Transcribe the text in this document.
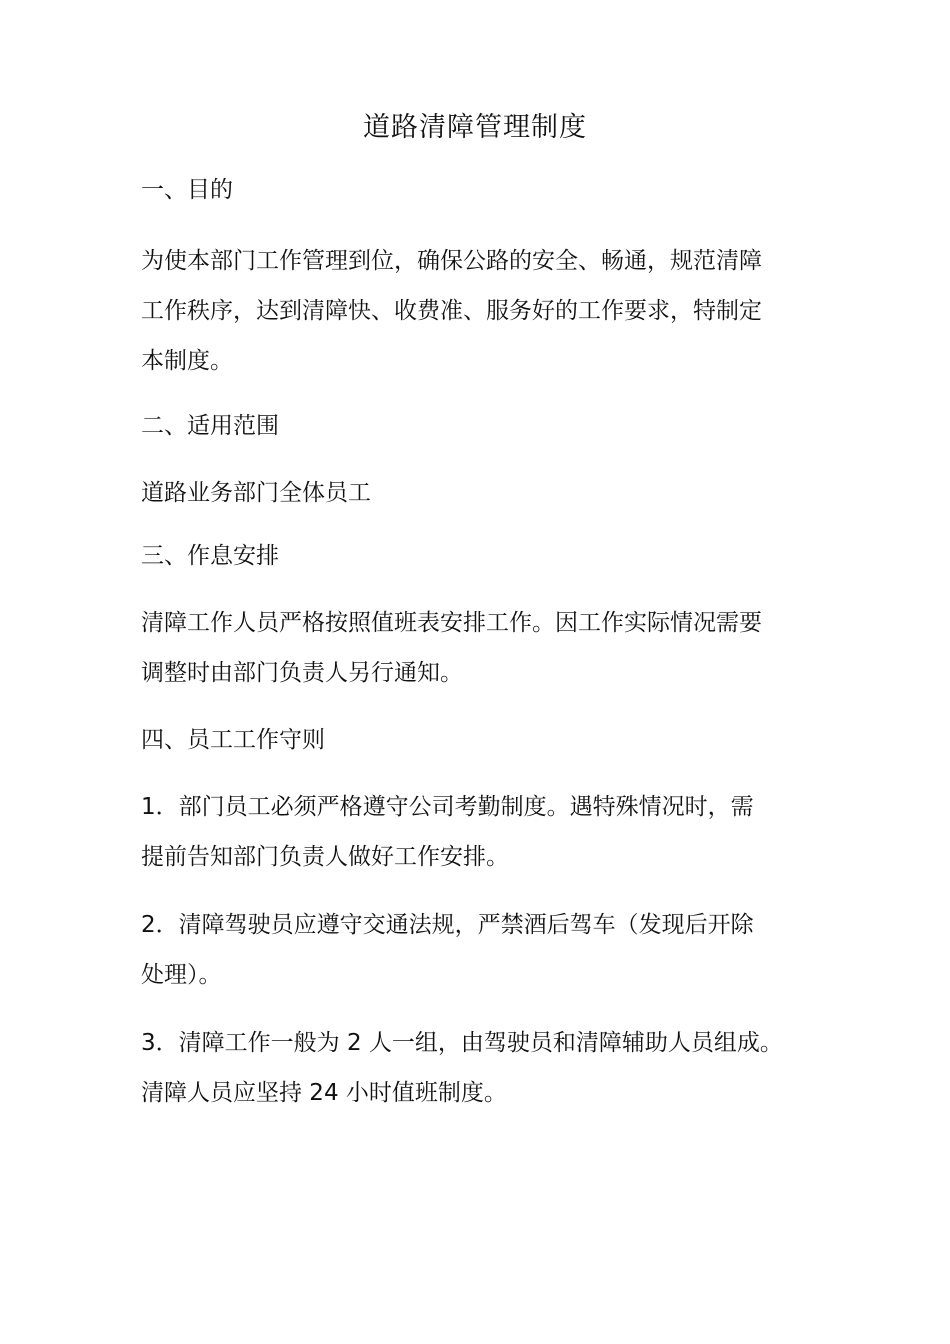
道路清障管理制度
一、目的
为使本部门工作管理到位，确保公路的安全、畅通，规范清障
工作秩序，达到清障快、收费准、服务好的工作要求，特制定
本制度。
二、适用范围
道路业务部门全体员工
三、作息安排
清障工作人员严格按照值班表安排工作。因工作实际情况需要
调整时由部门负责人另行通知。
四、员工工作守则
1．部门员工必须严格遵守公司考勤制度。遇特殊情况时，需
提前告知部门负责人做好工作安排。
2．清障驾驶员应遵守交通法规，严禁酒后驾车（发现后开除
处理）。
3．清障工作一般为 2 人一组，由驾驶员和清障辅助人员组成。
清障人员应坚持 24 小时值班制度。
